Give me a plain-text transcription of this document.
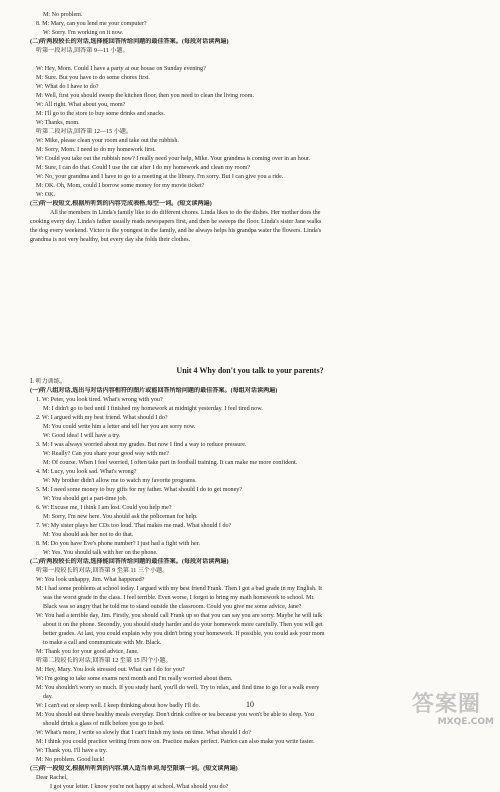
M: No problem.
8. M: Mary, can you lend me your computer?
W: Sorry. I'm working on it now.
(二)听两段较长的对话,选择能回答所给问题的最佳答案。(每段对话读两遍)
听第一段对话,回答第 9—11 小题。
W: Hey, Mom. Could I have a party at our house on Sunday evening?
M: Sure. But you have to do some chores first.
W: What do I have to do?
M: Well, first you should sweep the kitchen floor, then you need to clean the living room.
W: All right. What about you, mom?
M: I'll go to the store to buy some drinks and snacks.
W: Thanks, mom.
听第二段对话,回答第 12—15 小题。
W: Mike, please clean your room and take out the rubbish.
M: Sorry, Mom. I need to do my homework first.
W: Could you take out the rubbish now? I really need your help, Mike. Your grandma is coming over in an hour.
M: Sure, I can do that. Could I use the car after I do my homework and clean my room?
W: No, your grandma and I have to go to a meeting at the library. I'm sorry. But I can give you a ride.
M: OK. Oh, Mom, could I borrow some money for my movie ticket?
W: OK.
(三)听一段短文,根据所听到的内容完成表格,每空一词。(短文读两遍)
All the members in Linda's family like to do different chores. Linda likes to do the dishes. Her mother does the
cooking every day. Linda's father usually reads newspapers first, and then he sweeps the floor. Linda's sister Jane walks
the dog every weekend. Victor is the youngest in the family, and he always helps his grandpa water the flowers. Linda's
grandma is not very healthy, but every day she folds their clothes.
Ⅰ. 听力训练。
(一)听八组对话,选出与对话内容相符的图片或能回答所给问题的最佳答案。(每组对话读两遍)
1. W: Peter, you look tired. What's wrong with you?
M: I didn't go to bed until I finished my homework at midnight yesterday. I feel tired now.
2. W: I argued with my best friend. What should I do?
M: You could write him a letter and tell her you are sorry now.
W: Good idea! I will have a try.
3. M: I was always worried about my grades. But now I find a way to reduce pressure.
W: Really? Can you share your good way with me?
M: Of course. When I feel worried, I often take part in football training. It can make me more confident.
4. M: Lucy, you look sad. What's wrong?
W: My brother didn't allow me to watch my favorite programs.
5. M: I need some money to buy gifts for my father. What should I do to get money?
W: You should get a part-time job.
6. W: Excuse me, I think I am lost. Could you help me?
M: Sorry, I'm new here. You should ask the policeman for help.
7. W: My sister plays her CDs too loud. That makes me mad. What should I do?
M: You should ask her not to do that.
8. M: Do you have Eve's phone number? I just had a fight with her.
W: Yes. You should talk with her on the phone.
(二)听两段较长的对话,选择能回答所给问题的最佳答案。(每段对话读两遍)
听第一段较长的对话,回答第 9 至第 11 三个小题。
W: You look unhappy, Jim. What happened?
M: I had some problems at school today. I argued with my best friend Frank. Then I got a bad grade in my English. It
was the worst grade in the class. I feel terrible. Even worse, I forgot to bring my math homework to school. Mr.
Black was so angry that he told me to stand outside the classroom. Could you give me some advice, Jane?
W: You had a terrible day, Jim. Firstly, you should call Frank up so that you can say you are sorry. Maybe he will talk
about it on the phone. Secondly, you should study harder and do your homework more carefully. Then you will get
better grades. At last, you could explain why you didn't bring your homework. If possible, you could ask your mom
to make a call and communicate with Mr. Black.
M: Thank you for your good advice, Jane.
听第二段较长的对话,回答第 12 至第 15 四个小题。
M: Hey, Mary. You look stressed out. What can I do for you?
W: I'm going to take some exams next month and I'm really worried about them.
M: You shouldn't worry so much. If you study hard, you'll do well. Try to relax, and find time to go for a walk every
day.
W: I can't eat or sleep well. I keep thinking about how badly I'll do.
M: You should eat three healthy meals everyday. Don't drink coffee or tea because you won't be able to sleep. You
should drink a glass of milk before you go to bed.
W: What's more, I write so slowly that I can't finish my tests on time. What should I do?
M: I think you could practice writing from now on. Practice makes perfect. Patrice can also make you write faster.
W: Thank you. I'll have a try.
M: No problem. Good luck!
(三)听一段短文,根据所听到的内容,填入适当单词,每空限填一词。(短文读两遍)
Dear Rachel,
I got your letter. I know you're not happy at school. What should you do?
Unit 4 Why don't you talk to your parents?
10	答案圈
MXQE.COM
